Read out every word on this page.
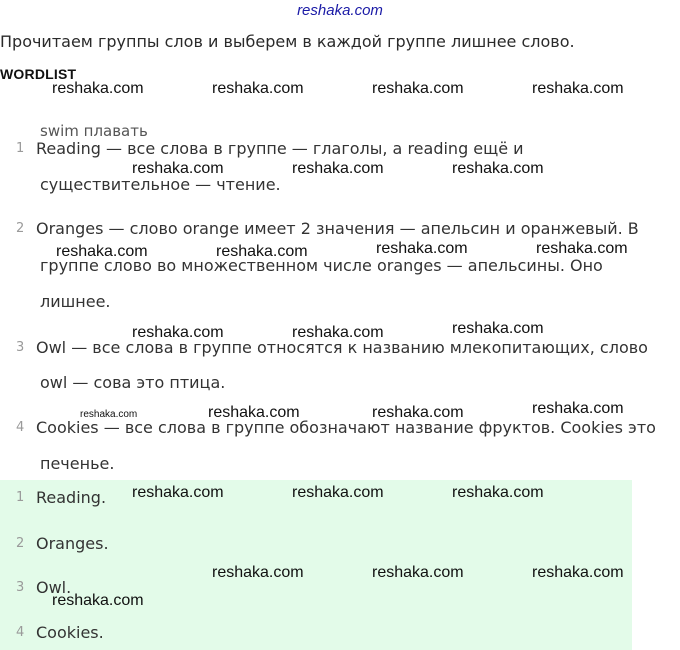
reshaka.com
Прочитаем группы слов и выберем в каждой группе лишнее слово.
WORDLIST
swim плавать
1 Reading — все слова в группе — глаголы, а reading ещё и
существительное — чтение.
2 Oranges — слово orange имеет 2 значения — апельсин и оранжевый. В
группе слово во множественном числе oranges — апельсины. Оно
лишнее.
3 Owl — все слова в группе относятся к названию млекопитающих, слово
owl — сова это птица.
4 Cookies — все слова в группе обозначают название фруктов. Cookies это
печенье.
1 Reading.
2 Oranges.
3 Owl.
4 Cookies.
reshaka.com	reshaka.com	reshaka.com	reshaka.com
reshaka.com	reshaka.com	reshaka.com
reshaka.com	reshaka.com	reshaka.com	reshaka.com
reshaka.com	reshaka.com	reshaka.com
reshaka.com	reshaka.com	reshaka.com	reshaka.com
reshaka.com	reshaka.com	reshaka.com
reshaka.com	reshaka.com	reshaka.com
reshaka.com
